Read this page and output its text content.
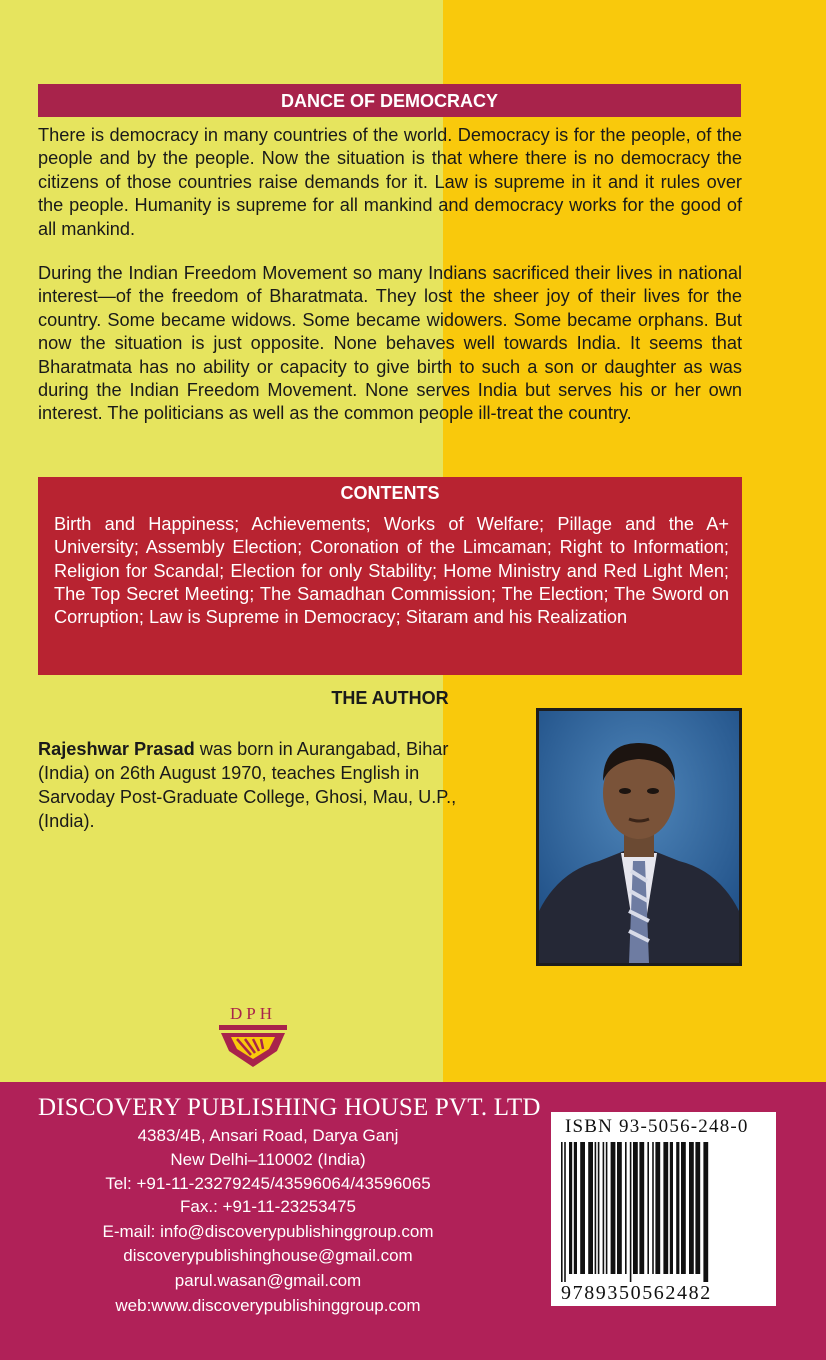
DANCE OF DEMOCRACY

There is democracy in many countries of the world. Democracy is for the people, of the people and by the people. Now the situation is that where there is no democracy the citizens of those countries raise demands for it. Law is supreme in it and it rules over the people. Humanity is supreme for all mankind and democracy works for the good of all mankind.

During the Indian Freedom Movement so many Indians sacrificed their lives in national interest—of the freedom of Bharatmata. They lost the sheer joy of their lives for the country. Some became widows. Some became widowers. Some became orphans. But now the situation is just opposite. None behaves well towards India. It seems that Bharatmata has no ability or capacity to give birth to such a son or daughter as was during the Indian Freedom Movement. None serves India but serves his or her own interest. The politicians as well as the common people ill-treat the country.

CONTENTS

Birth and Happiness; Achievements; Works of Welfare; Pillage and the A+ University; Assembly Election; Coronation of the Limcaman; Right to Information; Religion for Scandal; Election for only Stability; Home Ministry and Red Light Men; The Top Secret Meeting; The Samadhan Commission; The Election; The Sword on Corruption; Law is Supreme in Democracy; Sitaram and his Realization

THE AUTHOR

Rajeshwar Prasad was born in Aurangabad, Bihar (India) on 26th August 1970, teaches English in Sarvoday Post-Graduate College, Ghosi, Mau, U.P., (India).

DPH
DISCOVERY PUBLISHING HOUSE PVT. LTD
4383/4B, Ansari Road, Darya Ganj
New Delhi–110002 (India)
Tel: +91-11-23279245/43596064/43596065
Fax.: +91-11-23253475
E-mail: info@discoverypublishinggroup.com
discoverypublishinghouse@gmail.com
parul.wasan@gmail.com
web:www.discoverypublishinggroup.com
ISBN 93-5056-248-0
9789350562482
